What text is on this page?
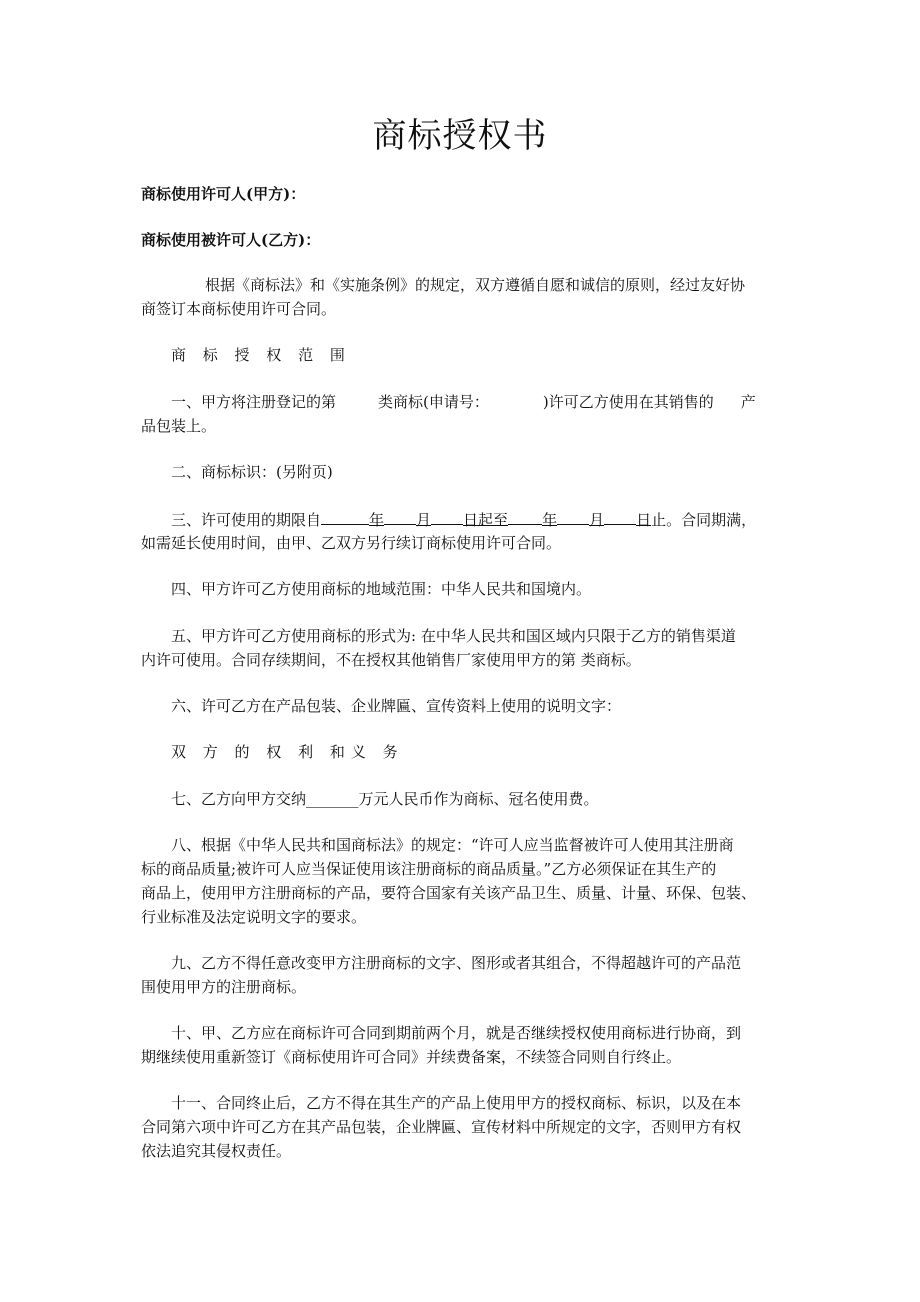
商标授权书

商标使用许可人(甲方)：

商标使用被许可人(乙方)：

根据《商标法》和《实施条例》的规定，双方遵循自愿和诚信的原则，经过友好协

商签订本商标使用许可合同。

商 标 授 权 范 围

一、甲方将注册登记的第	类商标(申请号：	)许可乙方使用在其销售的 产

品包装上。

二、商标标识：(另附页)

三、许可使用的期限自	年 月 日起至 年 月 日止。合同期满，

如需延长使用时间，由甲、乙双方另行续订商标使用许可合同。

四、甲方许可乙方使用商标的地域范围：中华人民共和国境内。

五、甲方许可乙方使用商标的形式为: 在中华人民共和国区域内只限于乙方的销售渠道

内许可使用。合同存续期间，不在授权其他销售厂家使用甲方的第 类商标。

六、许可乙方在产品包装、企业牌匾、宣传资料上使用的说明文字：

双 方 的 权 利 和义 务

七、乙方向甲方交纳_______万元人民币作为商标、冠名使用费。

八、根据《中华人民共和国商标法》的规定：“许可人应当监督被许可人使用其注册商

标的商品质量;被许可人应当保证使用该注册商标的商品质量。”乙方必须保证在其生产的

商品上，使用甲方注册商标的产品，要符合国家有关该产品卫生、质量、计量、环保、包装、

行业标准及法定说明文字的要求。

九、乙方不得任意改变甲方注册商标的文字、图形或者其组合，不得超越许可的产品范

围使用甲方的注册商标。

十、甲、乙方应在商标许可合同到期前两个月，就是否继续授权使用商标进行协商，到

期继续使用重新签订《商标使用许可合同》并续费备案，不续签合同则自行终止。

十一、合同终止后，乙方不得在其生产的产品上使用甲方的授权商标、标识，以及在本

合同第六项中许可乙方在其产品包装，企业牌匾、宣传材料中所规定的文字，否则甲方有权

依法追究其侵权责任。
